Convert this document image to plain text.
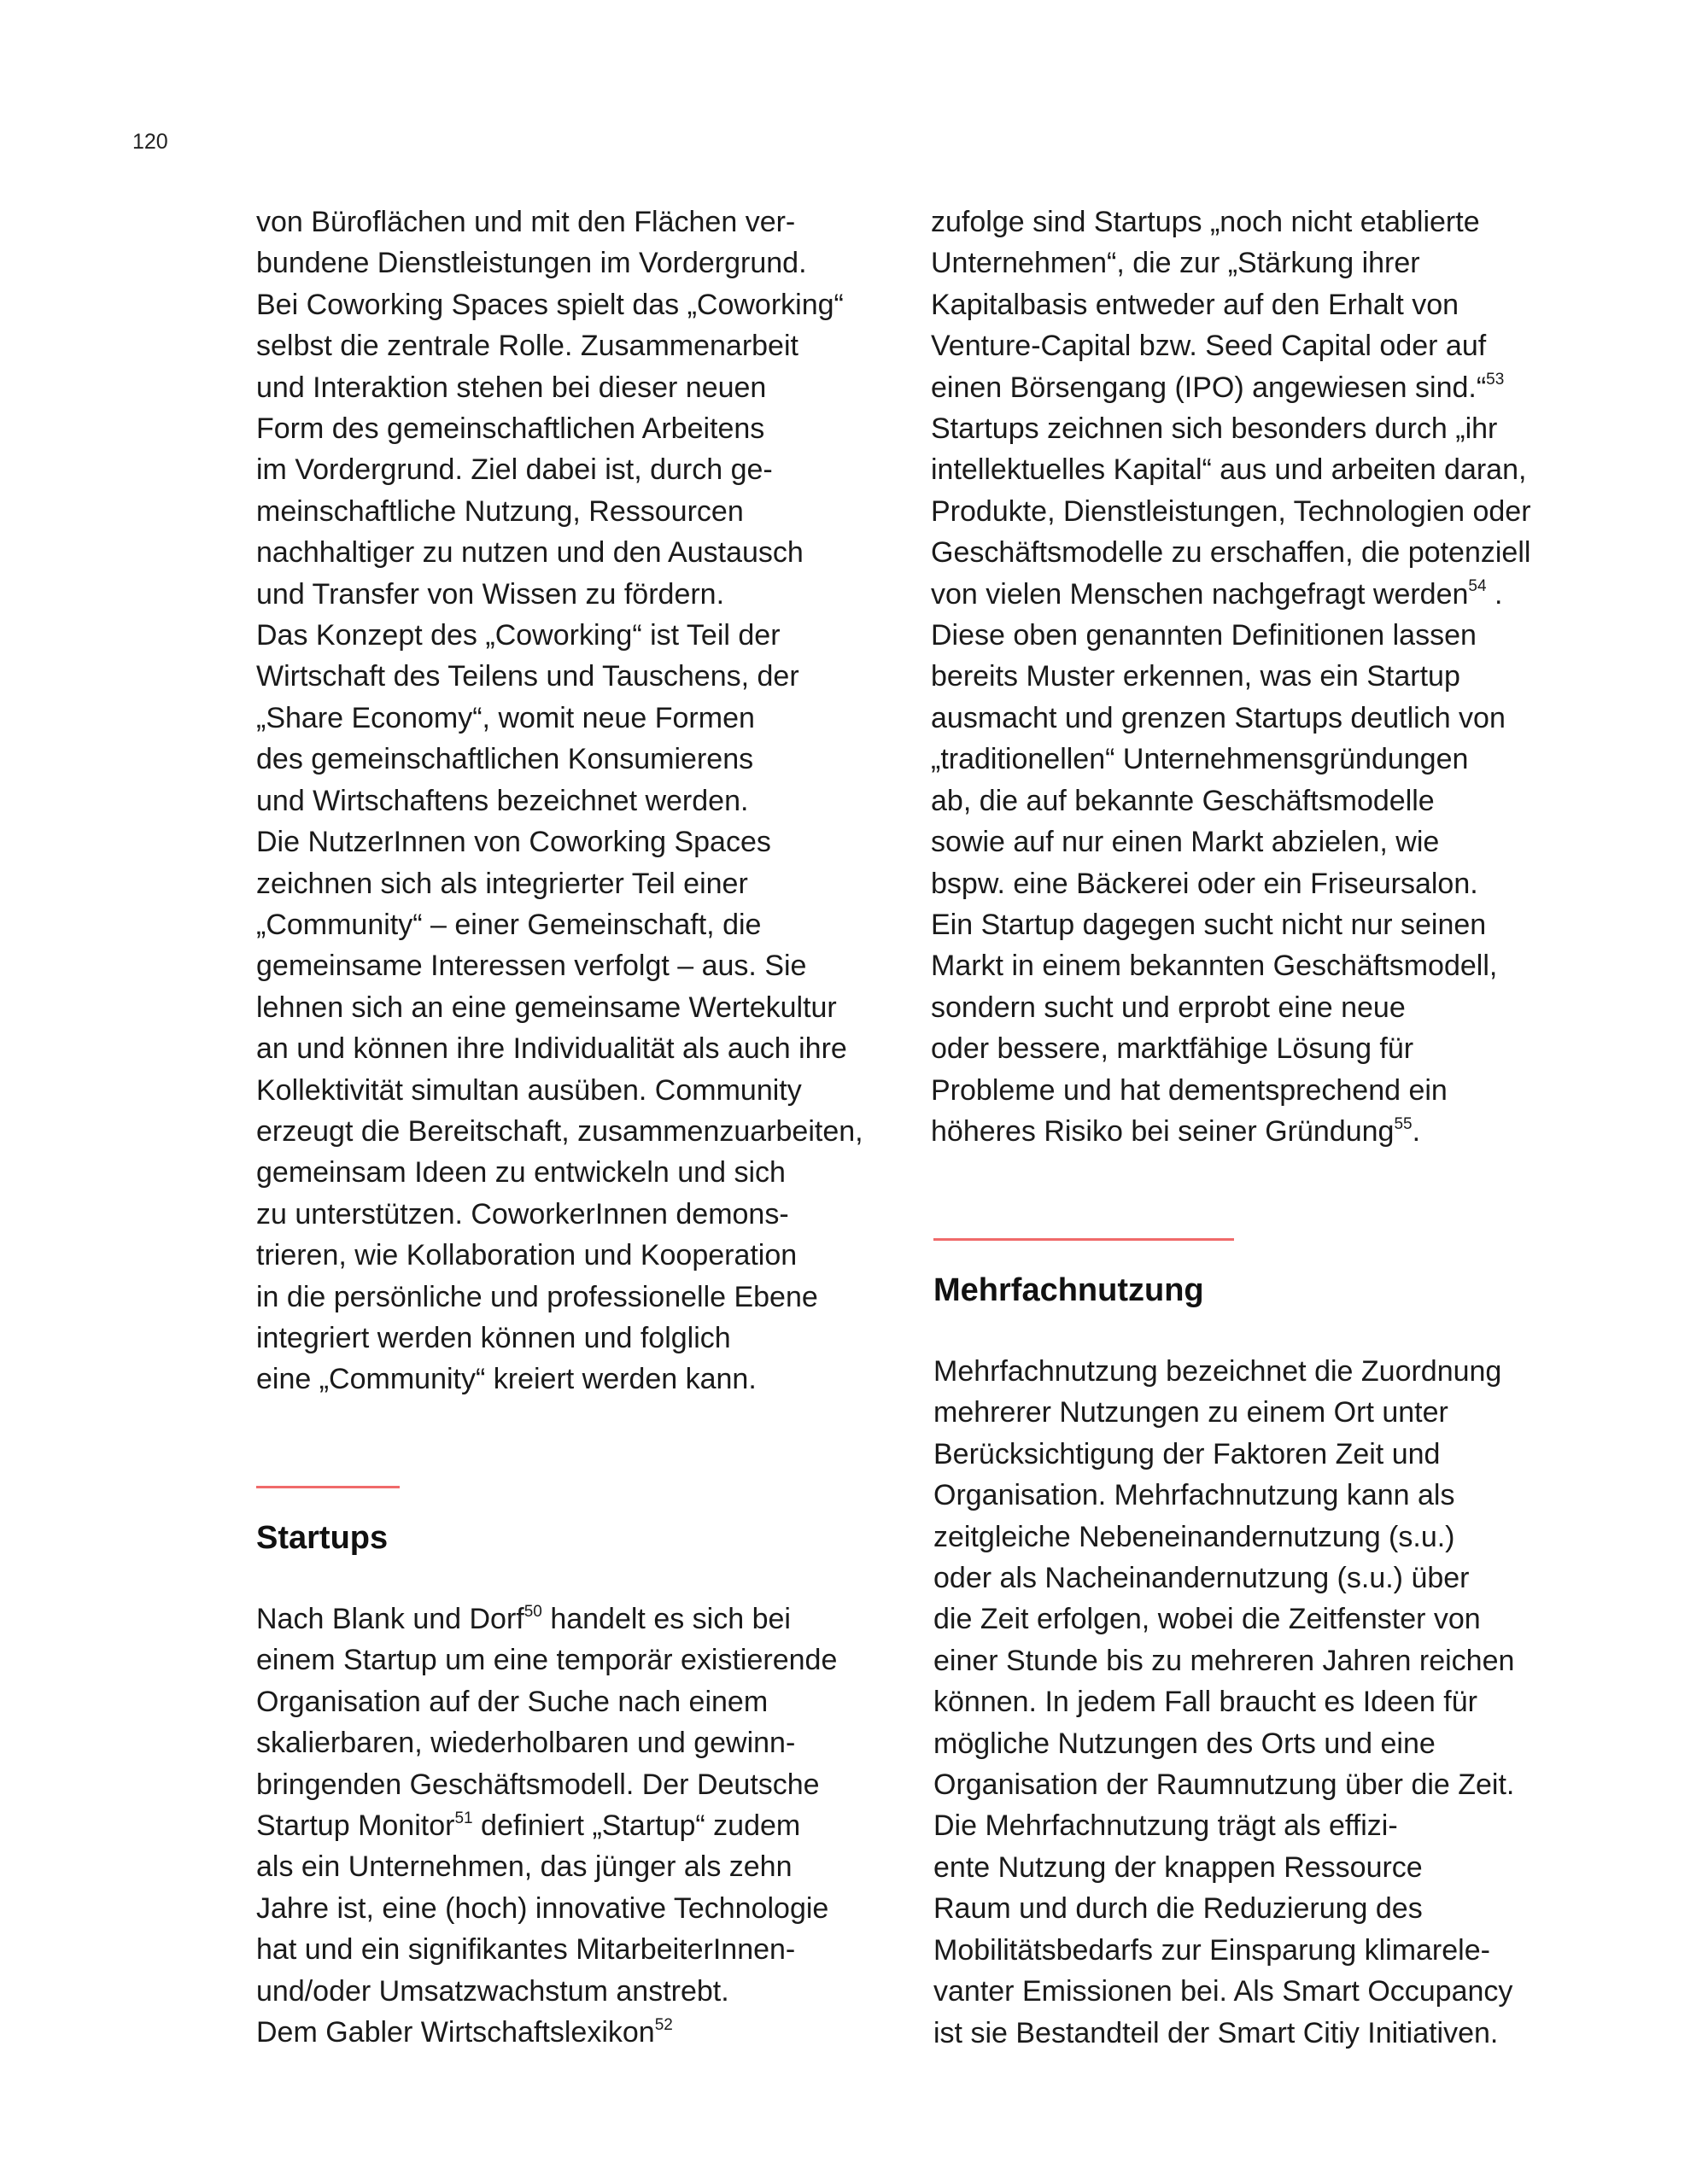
120
von Büroflächen und mit den Flächen ver-
bundene Dienstleistungen im Vordergrund.
Bei Coworking Spaces spielt das „Coworking“
selbst die zentrale Rolle. Zusammenarbeit
und Interaktion stehen bei dieser neuen
Form des gemeinschaftlichen Arbeitens
im Vordergrund. Ziel dabei ist, durch ge-
meinschaftliche Nutzung, Ressourcen
nachhaltiger zu nutzen und den Austausch
und Transfer von Wissen zu fördern.
Das Konzept des „Coworking“ ist Teil der
Wirtschaft des Teilens und Tauschens, der
„Share Economy“, womit neue Formen
des gemeinschaftlichen Konsumierens
und Wirtschaftens bezeichnet werden.
Die NutzerInnen von Coworking Spaces
zeichnen sich als integrierter Teil einer
„Community“ – einer Gemeinschaft, die
gemeinsame Interessen verfolgt – aus. Sie
lehnen sich an eine gemeinsame Wertekultur
an und können ihre Individualität als auch ihre
Kollektivität simultan ausüben. Community
erzeugt die Bereitschaft, zusammenzuarbeiten,
gemeinsam Ideen zu entwickeln und sich
zu unterstützen. CoworkerInnen demons-
trieren, wie Kollaboration und Kooperation
in die persönliche und professionelle Ebene
integriert werden können und folglich
eine „Community“ kreiert werden kann.
Startups
Nach Blank und Dorf$^{50}$ handelt es sich bei
einem Startup um eine temporär existierende
Organisation auf der Suche nach einem
skalierbaren, wiederholbaren und gewinn-
bringenden Geschäftsmodell. Der Deutsche
Startup Monitor$^{51}$ definiert „Startup“ zudem
als ein Unternehmen, das jünger als zehn
Jahre ist, eine (hoch) innovative Technologie
hat und ein signifikantes MitarbeiterInnen-
und/oder Umsatzwachstum anstrebt.
Dem Gabler Wirtschaftslexikon$^{52}$
zufolge sind Startups „noch nicht etablierte
Unternehmen“, die zur „Stärkung ihrer
Kapitalbasis entweder auf den Erhalt von
Venture-Capital bzw. Seed Capital oder auf
einen Börsengang (IPO) angewiesen sind.“$^{53}$
Startups zeichnen sich besonders durch „ihr
intellektuelles Kapital“ aus und arbeiten daran,
Produkte, Dienstleistungen, Technologien oder
Geschäftsmodelle zu erschaffen, die potenziell
von vielen Menschen nachgefragt werden$^{54}$ .
Diese oben genannten Definitionen lassen
bereits Muster erkennen, was ein Startup
ausmacht und grenzen Startups deutlich von
„traditionellen“ Unternehmensgründungen
ab, die auf bekannte Geschäftsmodelle
sowie auf nur einen Markt abzielen, wie
bspw. eine Bäckerei oder ein Friseursalon.
Ein Startup dagegen sucht nicht nur seinen
Markt in einem bekannten Geschäftsmodell,
sondern sucht und erprobt eine neue
oder bessere, marktfähige Lösung für
Probleme und hat dementsprechend ein
höheres Risiko bei seiner Gründung$^{55}$.
Mehrfachnutzung
Mehrfachnutzung bezeichnet die Zuordnung
mehrerer Nutzungen zu einem Ort unter
Berücksichtigung der Faktoren Zeit und
Organisation. Mehrfachnutzung kann als
zeitgleiche Nebeneinandernutzung (s.u.)
oder als Nacheinandernutzung (s.u.) über
die Zeit erfolgen, wobei die Zeitfenster von
einer Stunde bis zu mehreren Jahren reichen
können. In jedem Fall braucht es Ideen für
mögliche Nutzungen des Orts und eine
Organisation der Raumnutzung über die Zeit.
Die Mehrfachnutzung trägt als effizi-
ente Nutzung der knappen Ressource
Raum und durch die Reduzierung des
Mobilitätsbedarfs zur Einsparung klimarele-
vanter Emissionen bei. Als Smart Occupancy
ist sie Bestandteil der Smart Citiy Initiativen.
